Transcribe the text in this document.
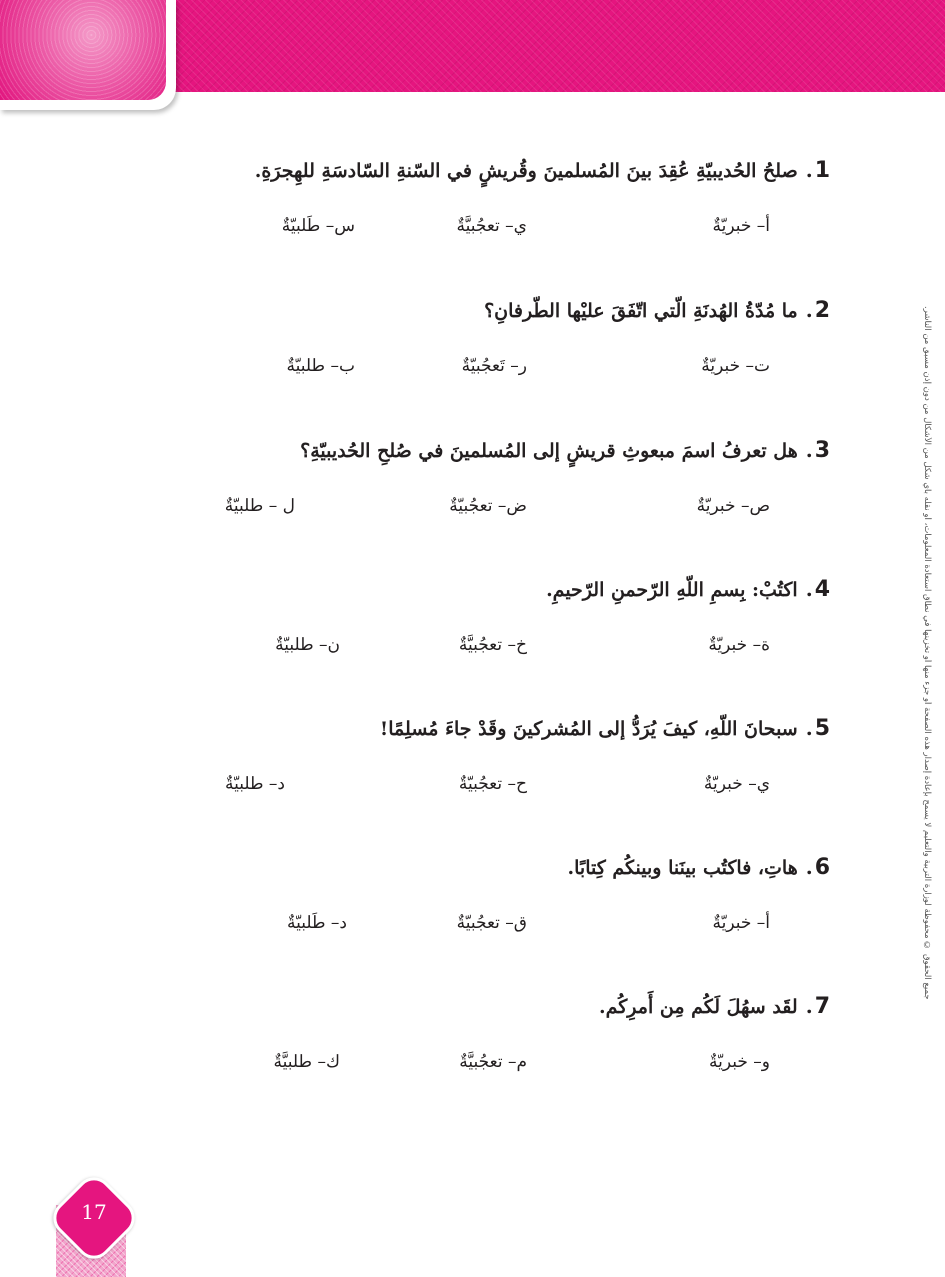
جميع الحقوق © محفوظة لوزارة التربية والتعليم لا يسمح بإعادة إصدار هذه الصفحة أو جزء منها أو تخزينها في نطاق استعادة المعلومات، أو نقله بأي شكل من الأشكال من دون إذن مسبق من الناشر.
1
.
صلحُ الحُديبيّةِ عُقِدَ بينَ المُسلمينَ وقُريشٍ في السّنةِ السّادسَةِ للهِجرَةِ.
أ– خبريّةٌ
ي– تعجُبيَّةٌ
س– طَلبيّةٌ
2
.
ما مُدّةُ الهُدنَةِ الّتي اتّفَقَ عليْها الطّرفانِ؟
ت– خبريّةٌ
ر– تَعجُبيّةٌ
ب– طلبيّةٌ
3
.
هل تعرفُ اسمَ مبعوثِ قريشٍ إلى المُسلمينَ في صُلحِ الحُديبيّةِ؟
ص– خبريّةٌ
ض– تعجُبيّةٌ
ل – طلبيّةٌ
4
.
اكتُبْ: بِسمِ اللّهِ الرّحمنِ الرّحيمِ.
ة– خبريّةٌ
خ– تعجُبيَّةٌ
ن– طلبيّةٌ
5
.
سبحانَ اللّهِ، كيفَ يُرَدُّ إلى المُشركينَ وقَدْ جاءَ مُسلِمًا!
ي– خبريّةٌ
ح– تعجُبيّةٌ
د– طلبيّةٌ
6
.
هاتِ، فاكتُب بينَنا وبينكُم كِتابًا.
أ– خبريّةٌ
ق– تعجُبيّةٌ
د– طَلبيّةٌ
7
.
لقَد سهُلَ لَكُم مِن أَمرِكُم.
و– خبريّةٌ
م– تعجُبيَّةٌ
ك– طلبيَّةٌ
17
